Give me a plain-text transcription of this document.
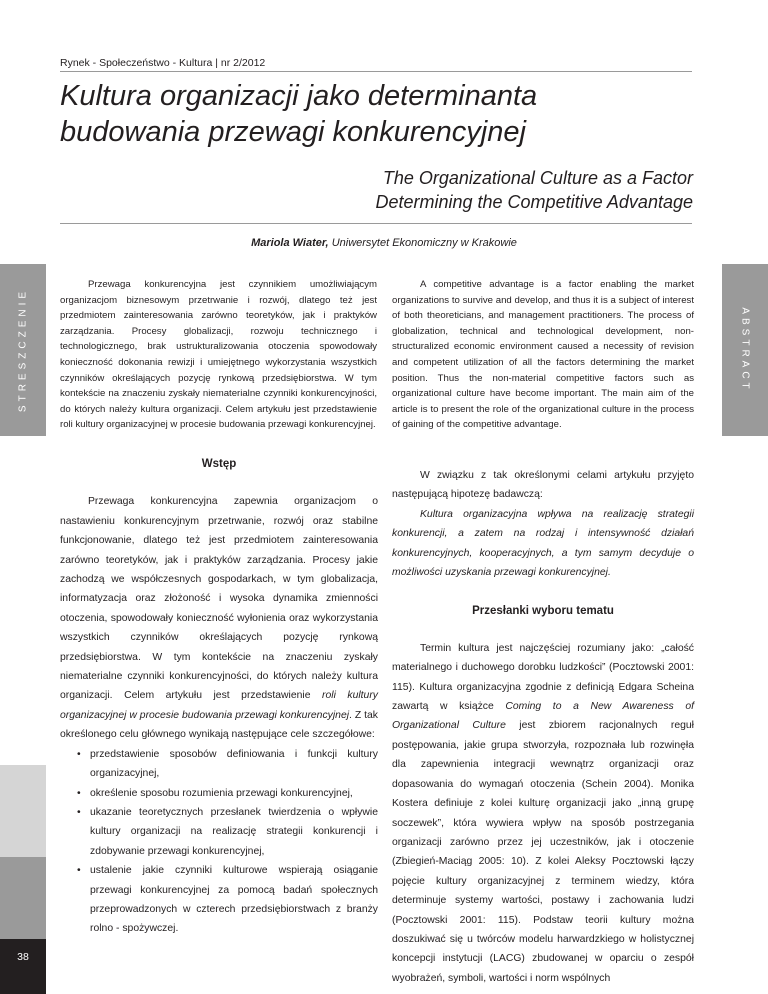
Rynek - Społeczeństwo - Kultura | nr 2/2012
Kultura organizacji jako determinanta
budowania przewagi konkurencyjnej
The Organizational Culture as a Factor
Determining the Competitive Advantage
Mariola Wiater, Uniwersytet Ekonomiczny w Krakowie
STRESZCZENIE	ABSTRACT
Przewaga konkurencyjna jest czynnikiem umożliwiającym organizacjom biznesowym przetrwanie i rozwój, dlatego też jest przedmiotem zainteresowania zarówno teoretyków, jak i praktyków zarządzania. Procesy globalizacji, rozwoju technicznego i technologicznego, brak ustrukturalizowania otoczenia spowodowały konieczność dokonania rewizji i umiejętnego wykorzystania wszystkich czynników określających pozycję rynkową przedsiębiorstwa. W tym kontekście na znaczeniu zyskały niematerialne czynniki konkurencyjności, do których należy kultura organizacji. Celem artykułu jest przedstawienie roli kultury organizacyjnej w procesie budowania przewagi konkurencyjnej.
A competitive advantage is a factor enabling the market organizations to survive and develop, and thus it is a subject of interest of both theoreticians, and management practitioners. The process of globalization, technical and technological development, non-structuralized economic environment caused a necessity of revision and competent utilization of all the factors determining the market position. Thus the non-material competitive factors such as organizational culture have become important. The main aim of the article is to present the role of the organizational culture in the process of gaining of the competitive advantage.
Wstęp

Przewaga konkurencyjna zapewnia organizacjom o nastawieniu konkurencyjnym przetrwanie, rozwój oraz stabilne funkcjonowanie, dlatego też jest przedmiotem zainteresowania zarówno teoretyków, jak i praktyków zarządzania. Procesy jakie zachodzą we współczesnych gospodarkach, w tym globalizacja, informatyzacja oraz złożoność i wysoka dynamika zmienności otoczenia, spowodowały konieczność wyłonienia oraz wykorzystania wszystkich czynników określających pozycję rynkową przedsiębiorstwa. W tym kontekście na znaczeniu zyskały niematerialne czynniki konkurencyjności, do których należy kultura organizacji. Celem artykułu jest przedstawienie roli kultury organizacyjnej w procesie budowania przewagi konkurencyjnej. Z tak określonego celu głównego wynikają następujące cele szczegółowe:

• przedstawienie sposobów definiowania i funkcji kultury organizacyjnej,
• określenie sposobu rozumienia przewagi konkurencyjnej,
• ukazanie teoretycznych przesłanek twierdzenia o wpływie kultury organizacji na realizację strategii konkurencji i zdobywanie przewagi konkurencyjnej,
• ustalenie jakie czynniki kulturowe wspierają osiąganie przewagi konkurencyjnej za pomocą badań społecznych przeprowadzonych w czterech przedsiębiorstwach z branży rolno - spożywczej.

W związku z tak określonymi celami artykułu przyjęto następującą hipotezę badawczą:

Kultura organizacyjna wpływa na realizację strategii konkurencji, a zatem na rodzaj i intensywność działań konkurencyjnych, kooperacyjnych, a tym samym decyduje o możliwości uzyskania przewagi konkurencyjnej.

Przesłanki wyboru tematu

Termin kultura jest najczęściej rozumiany jako: „całość materialnego i duchowego dorobku ludzkości” (Pocztowski 2001: 115). Kultura organizacyjna zgodnie z definicją Edgara Scheina zawartą w książce Coming to a New Awareness of Organizational Culture jest zbiorem racjonalnych reguł postępowania, jakie grupa stworzyła, rozpoznała lub rozwinęła dla zapewnienia integracji wewnątrz organizacji oraz dopasowania do wymagań otoczenia (Schein 2004). Monika Kostera definiuje z kolei kulturę organizacji jako „inną grupę soczewek”, która wywiera wpływ na sposób postrzegania organizacji zarówno przez jej uczestników, jak i otoczenie (Zbiegień-Maciąg 2005: 10). Z kolei Aleksy Pocztowski łączy pojęcie kultury organizacyjnej z terminem wiedzy, która determinuje systemy wartości, postawy i zachowania ludzi (Pocztowski 2001: 115). Podstaw teorii kultury można doszukiwać się u twórców modelu harwardzkiego w holistycznej koncepcji instytucji (LACG) zbudowanej w oparciu o zespół wyobrażeń, symboli, wartości i norm wspólnych

38
